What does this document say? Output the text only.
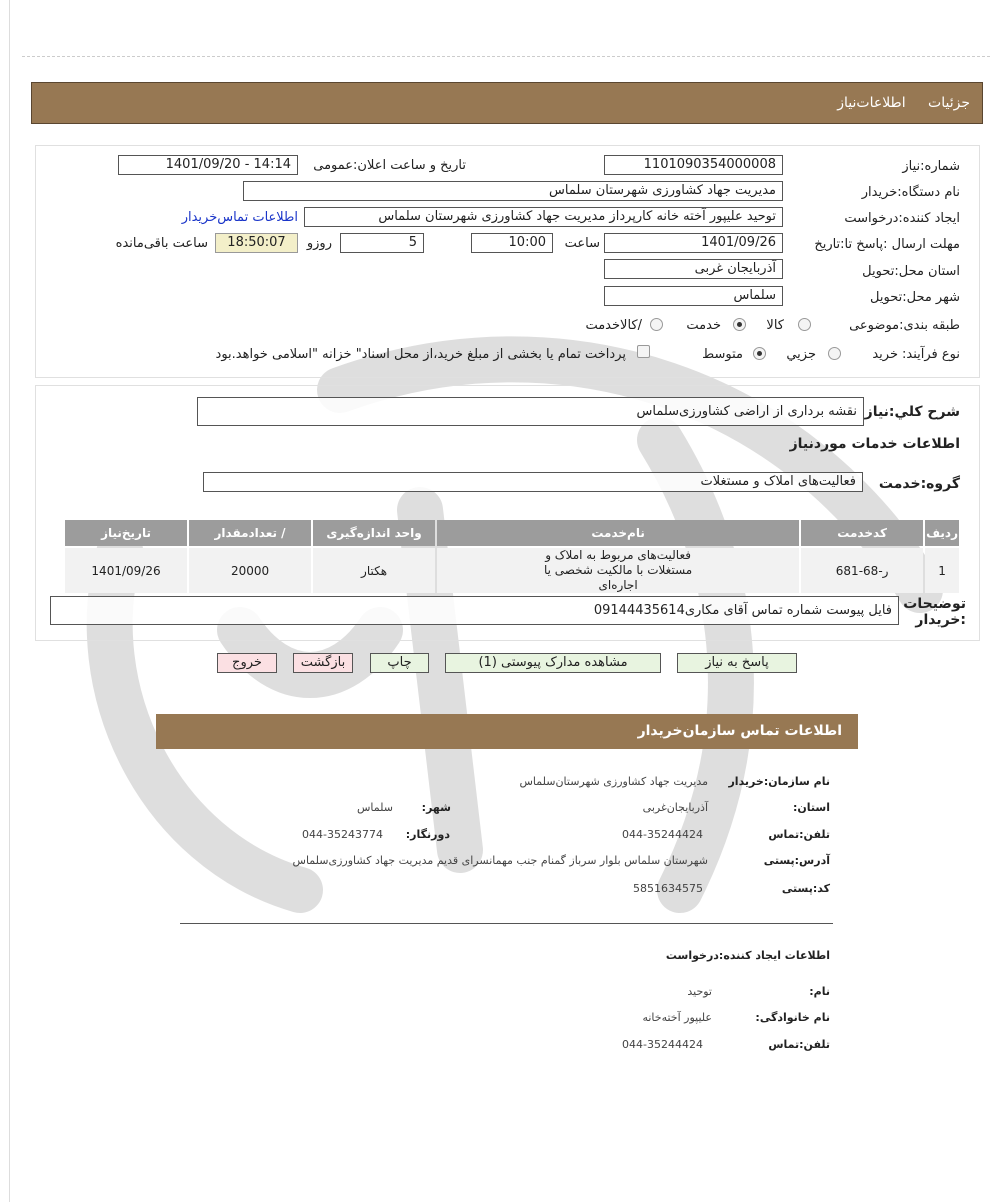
جزئیات اطلاعات‌نیاز
شماره:نیاز
1101090354000008
تاریخ و ساعت اعلان:عمومی
1401/09/20 - 14:14
نام دستگاه:خریدار
مدیریت جهاد کشاورزی شهرستان سلماس
ایجاد کننده:درخواست
توحید علیپور آخته خانه کارپرداز مدیریت جهاد کشاورزی شهرستان سلماس
اطلاعات تماس‌خریدار
مهلت ارسال :پاسخ تا:تاریخ
1401/09/26
ساعت
10:00
5
روزو
18:50:07
ساعت باقی‌مانده
استان محل:تحویل
آذربایجان غربی
شهر محل:تحویل
سلماس
طبقه بندی:موضوعی
کالا
خدمت
/کالاخدمت
نوع فرآیند:
خرید
جزیي
متوسط
پرداخت تمام یا بخشی از مبلغ خرید،از محل اسناد" خزانه "اسلامی خواهد.بود
شرح کلي:نیاز
نقشه برداری از اراضی کشاورزی‌سلماس
اطلاعات خدمات موردنیاز
گروه:خدمت
فعالیت‌های املاک و مستغلات
ردیف	کدخدمت	نام‌خدمت	واحد اندازه‌گیری	/ تعدادمقدار	تاریخ‌نیاز
1	ر-68-681	فعالیت‌های مربوط به املاک و مستغلات با مالکیت شخصی یا اجاره‌ای	هکتار	20000	1401/09/26
توضیحات :خریدار
فایل پیوست شماره تماس آقای مکاری09144435614
پاسخ به نیاز
مشاهده مدارک پیوستی (1)
چاپ
بازگشت
خروج
اطلاعات تماس سازمان‌خریدار
نام سازمان:خریدار
مدیریت جهاد کشاورزی شهرستان‌سلماس
استان:
آذربایجان‌غربی
شهر:
سلماس
تلفن:تماس
044-35244424
دورنگار:
044-35243774
آدرس:پستی
شهرستان سلماس بلوار سرباز گمنام جنب مهمانسرای قدیم مدیریت جهاد کشاورزی‌سلماس
کد:پستی
5851634575
اطلاعات ایجاد کننده:درخواست
نام:
توحید
نام خانوادگی:
علیپور آخته‌خانه
تلفن:تماس
044-35244424
